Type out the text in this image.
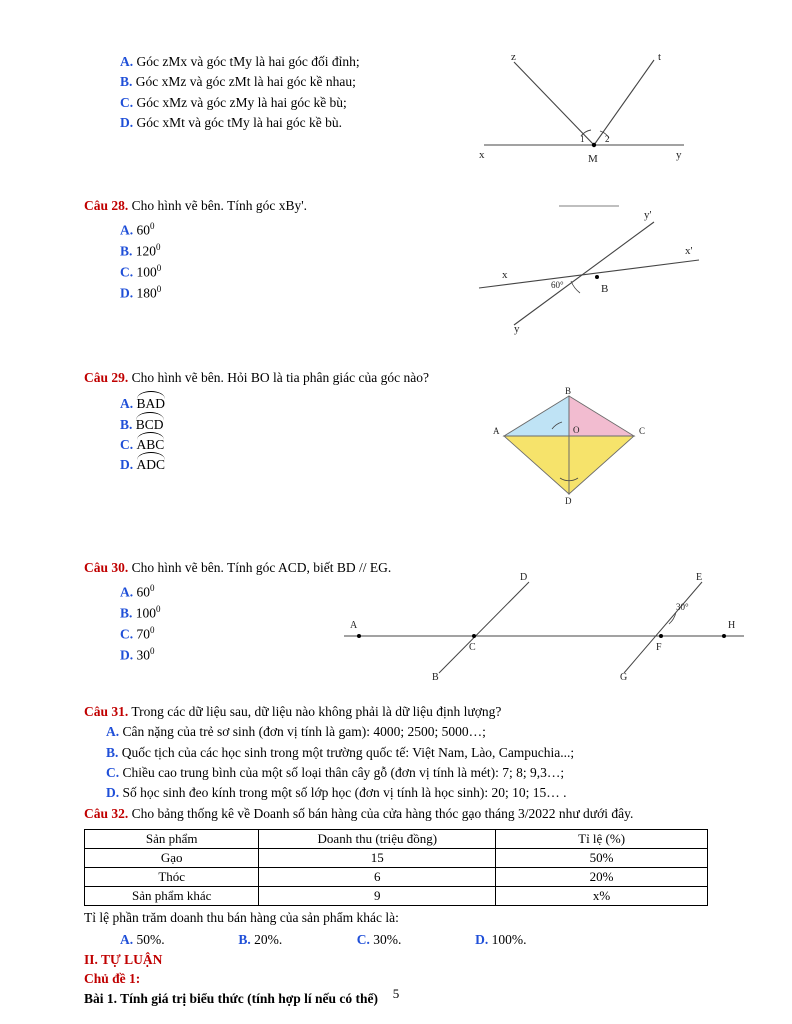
A. Góc zMx và góc tMy là hai góc đối đỉnh;
B. Góc xMz và góc zMt là hai góc kề nhau;
C. Góc xMz và góc zMy là hai góc kề bù;
D. Góc xMt và góc tMy là hai góc kề bù.
z	t
x	y
M
1 2
Câu 28. Cho hình vẽ bên. Tính góc xBy'.
A. $60^0$
B. $120^0$
C. $100^0$
D. $180^0$
y'
x
x'
B
y
60°
Câu 29. Cho hình vẽ bên. Hỏi BO là tia phân giác của góc nào?
A. BAD
B. BCD
C. ABC
D. ADC
B
A	C
O
D
Câu 30. Cho hình vẽ bên. Tính góc ACD, biết BD // EG.
A. $60^0$
B. $100^0$
C. $70^0$
D. $30^0$
D	E
A
30°
H
C	F
B	G
Câu 31. Trong các dữ liệu sau, dữ liệu nào không phải là dữ liệu định lượng?
A. Cân nặng của trẻ sơ sinh (đơn vị tính là gam): 4000; 2500; 5000…;
B. Quốc tịch của các học sinh trong một trường quốc tế: Việt Nam, Lào, Campuchia...;
C. Chiều cao trung bình của một số loại thân cây gỗ (đơn vị tính là mét): 7; 8; 9,3…;
D. Số học sinh đeo kính trong một số lớp học (đơn vị tính là học sinh): 20; 10; 15… .
Câu 32. Cho bảng thống kê về Doanh số bán hàng của cửa hàng thóc gạo tháng 3/2022 như dưới đây.
Sản phẩm	Doanh thu (triệu đồng)	Tỉ lệ (%)
Gạo	15	50%
Thóc	6	20%
Sản phẩm khác	9	x%
Tỉ lệ phần trăm doanh thu bán hàng của sản phẩm khác là:
A. 50%.	B. 20%.	C. 30%.	D. 100%.
II. TỰ LUẬN
Chủ đề 1:
Bài 1. Tính giá trị biểu thức (tính hợp lí nếu có thể)	5
